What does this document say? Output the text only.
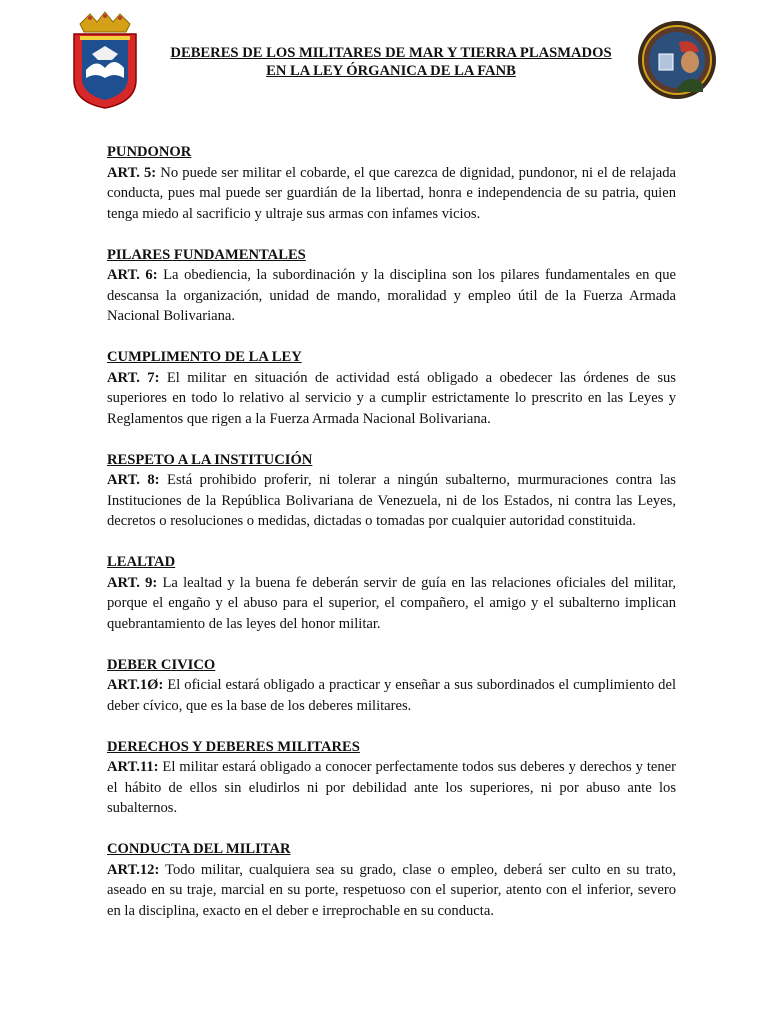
DEBERES DE LOS MILITARES DE MAR Y TIERRA PLASMADOS
EN LA LEY ÓRGANICA DE LA FANB
PUNDONOR
ART. 5: No puede ser militar el cobarde, el que carezca de dignidad, pundonor, ni el de relajada conducta, pues mal puede ser guardián de la libertad, honra e independencia de su patria, quien tenga miedo al sacrificio y ultraje sus armas con infames vicios.
PILARES FUNDAMENTALES
ART. 6: La obediencia, la subordinación y la disciplina son los pilares fundamentales en que descansa la organización, unidad de mando, moralidad y empleo útil de la Fuerza Armada Nacional Bolivariana.
CUMPLIMENTO DE LA LEY
ART. 7: El militar en situación de actividad está obligado a obedecer las órdenes de sus superiores en todo lo relativo al servicio y a cumplir estrictamente lo prescrito en las Leyes y Reglamentos que rigen a la Fuerza Armada Nacional Bolivariana.
RESPETO A LA INSTITUCIÓN
ART. 8: Está prohibido proferir, ni tolerar a ningún subalterno, murmuraciones contra las Instituciones de la República Bolivariana de Venezuela, ni de los Estados, ni contra las Leyes, decretos o resoluciones o medidas, dictadas o tomadas por cualquier autoridad constituida.
LEALTAD
ART. 9: La lealtad y la buena fe deberán servir de guía en las relaciones oficiales del militar, porque el engaño y el abuso para el superior, el compañero, el amigo y el subalterno implican quebrantamiento de las leyes del honor militar.
DEBER CIVICO
ART.1Ø: El oficial estará obligado a practicar y enseñar a sus subordinados el cumplimiento del deber cívico, que es la base de los deberes militares.
DERECHOS Y DEBERES MILITARES
ART.11: El militar estará obligado a conocer perfectamente todos sus deberes y derechos y tener el hábito de ellos sin eludirlos ni por debilidad ante los superiores, ni por abuso ante los subalternos.
CONDUCTA DEL MILITAR
ART.12: Todo militar, cualquiera sea su grado, clase o empleo, deberá ser culto en su trato, aseado en su traje, marcial en su porte, respetuoso con el superior, atento con el inferior, severo en la disciplina, exacto en el deber e irreprochable en su conducta.
